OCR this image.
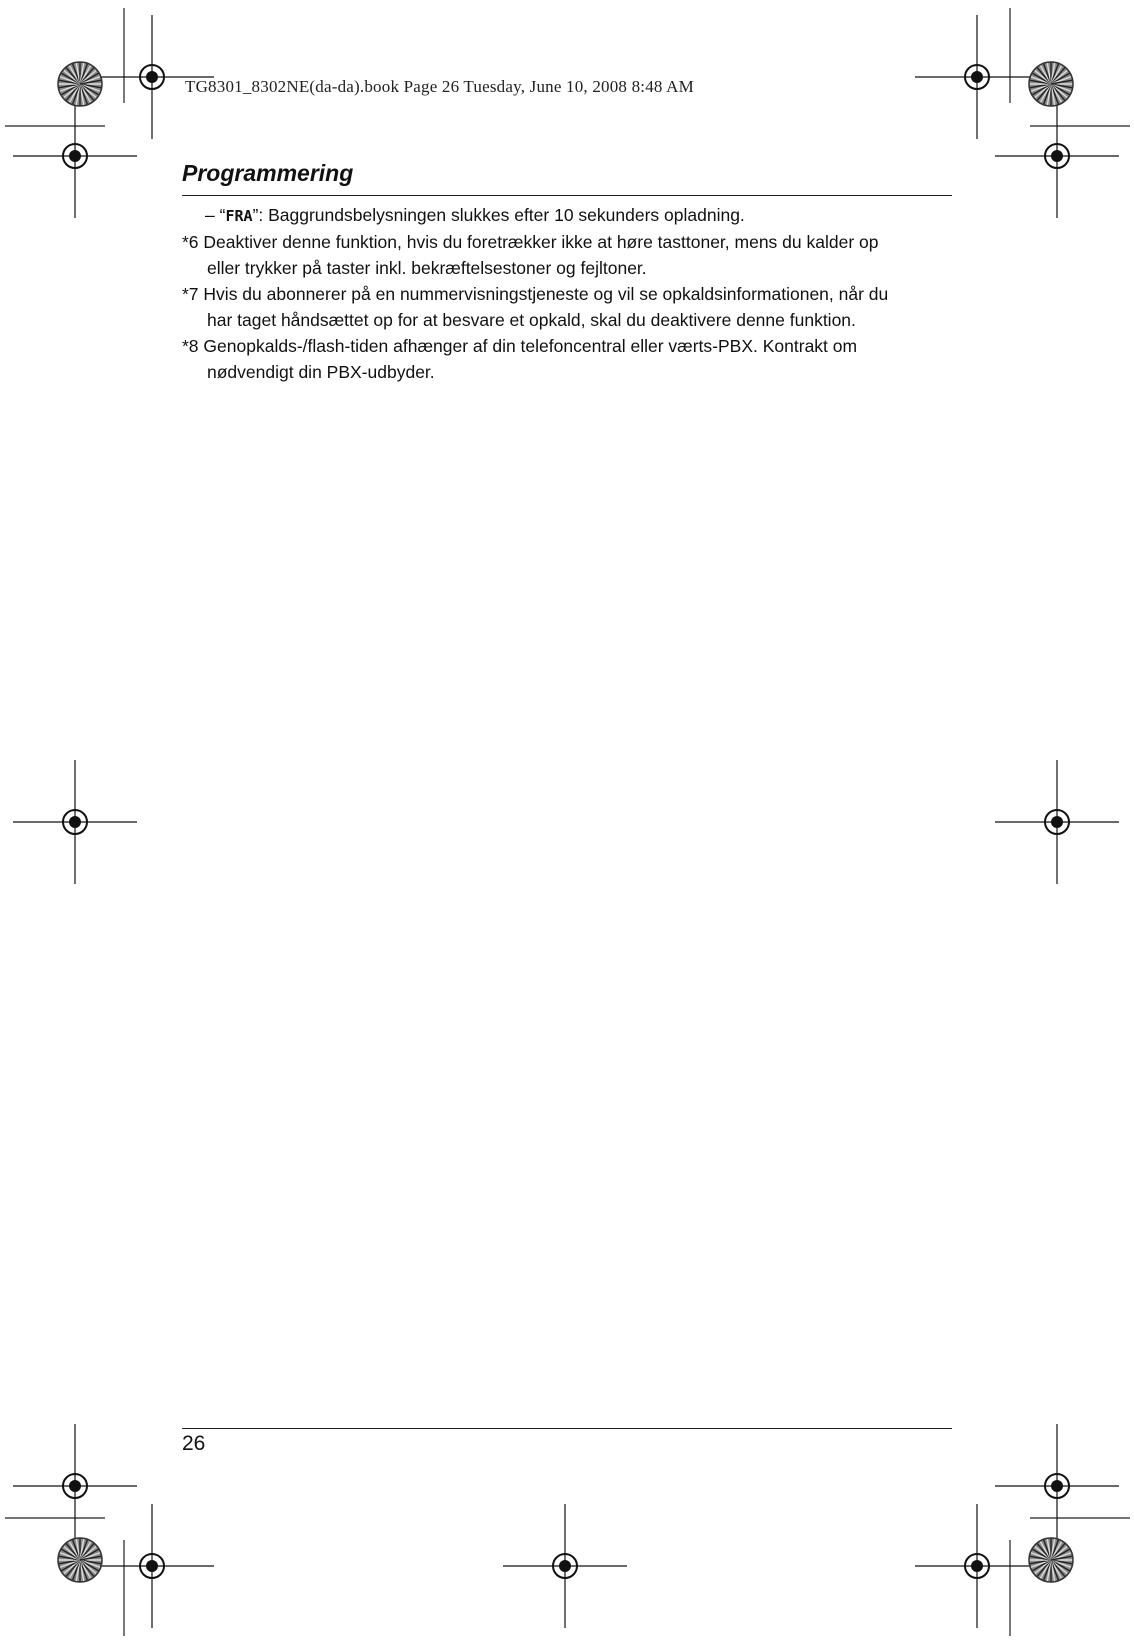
TG8301_8302NE(da-da).book Page 26 Tuesday, June 10, 2008 8:48 AM
Programmering
– “FRA”: Baggrundsbelysningen slukkes efter 10 sekunders opladning.
*6 Deaktiver denne funktion, hvis du foretrækker ikke at høre tasttoner, mens du kalder op
eller trykker på taster inkl. bekræftelsestoner og fejltoner.
*7 Hvis du abonnerer på en nummervisningstjeneste og vil se opkaldsinformationen, når du
har taget håndsættet op for at besvare et opkald, skal du deaktivere denne funktion.
*8 Genopkalds-/flash-tiden afhænger af din telefoncentral eller værts-PBX. Kontrakt om
nødvendigt din PBX-udbyder.
26
